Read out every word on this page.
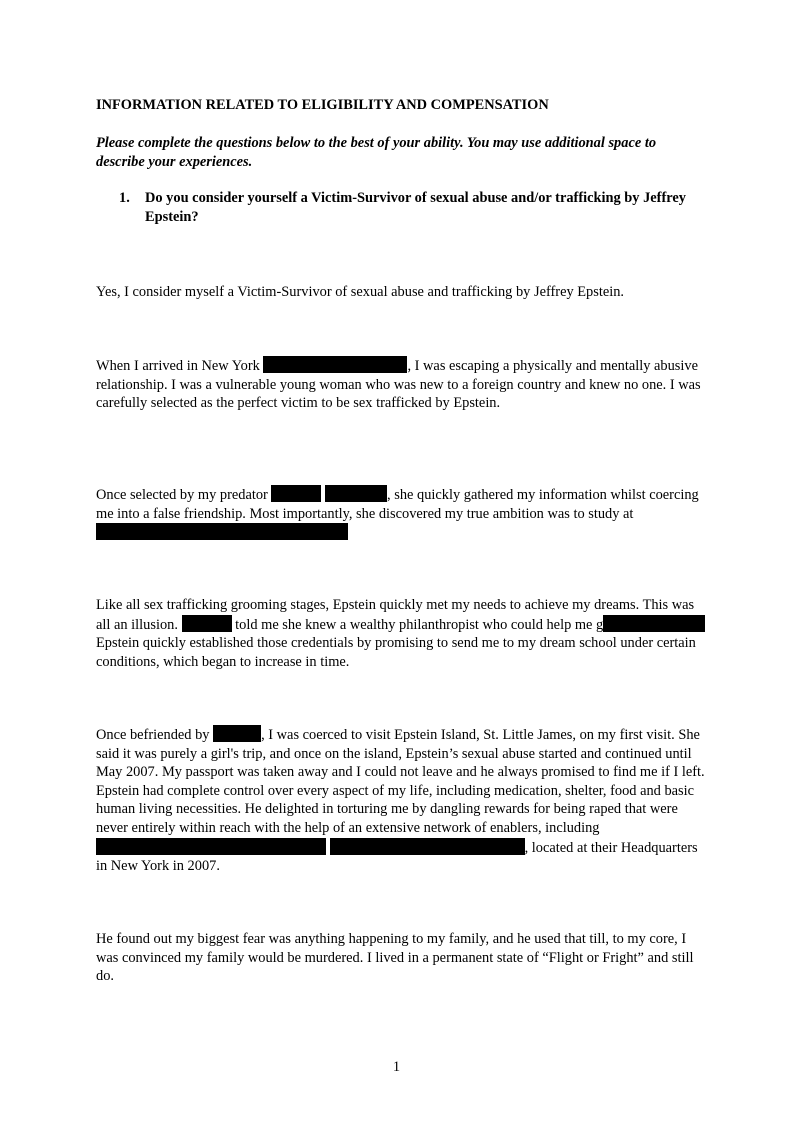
INFORMATION RELATED TO ELIGIBILITY AND COMPENSATION

Please complete the questions below to the best of your ability. You may use additional space to describe your experiences.

1. Do you consider yourself a Victim-Survivor of sexual abuse and/or trafficking by Jeffrey Epstein?

Yes, I consider myself a Victim-Survivor of sexual abuse and trafficking by Jeffrey Epstein.

When I arrived in New York	, I was escaping a physically and mentally abusive relationship. I was a vulnerable young woman who was new to a foreign country and knew no one. I was carefully selected as the perfect victim to be sex trafficked by Epstein.

Once selected by my predator	, she quickly gathered my information whilst coercing me into a false friendship. Most importantly, she discovered my true ambition was to study at

Like all sex trafficking grooming stages, Epstein quickly met my needs to achieve my dreams. This was all an illusion.	told me she knew a wealthy philanthropist who could help me gEpstein quickly established those credentials by promising to send me to my dream school under certain conditions, which began to increase in time.

Once befriended by	, I was coerced to visit Epstein Island, St. Little James, on my first visit. She said it was purely a girl's trip, and once on the island, Epstein’s sexual abuse started and continued until May 2007. My passport was taken away and I could not leave and he always promised to find me if I left. Epstein had complete control over every aspect of my life, including medication, shelter, food and basic human living necessities. He delighted in torturing me by dangling rewards for being raped that were never entirely within reach with the help of an extensive network of enablers, including , located at their Headquarters in New York in 2007.

He found out my biggest fear was anything happening to my family, and he used that till, to my core, I was convinced my family would be murdered. I lived in a permanent state of “Flight or Fright” and still do.

1
